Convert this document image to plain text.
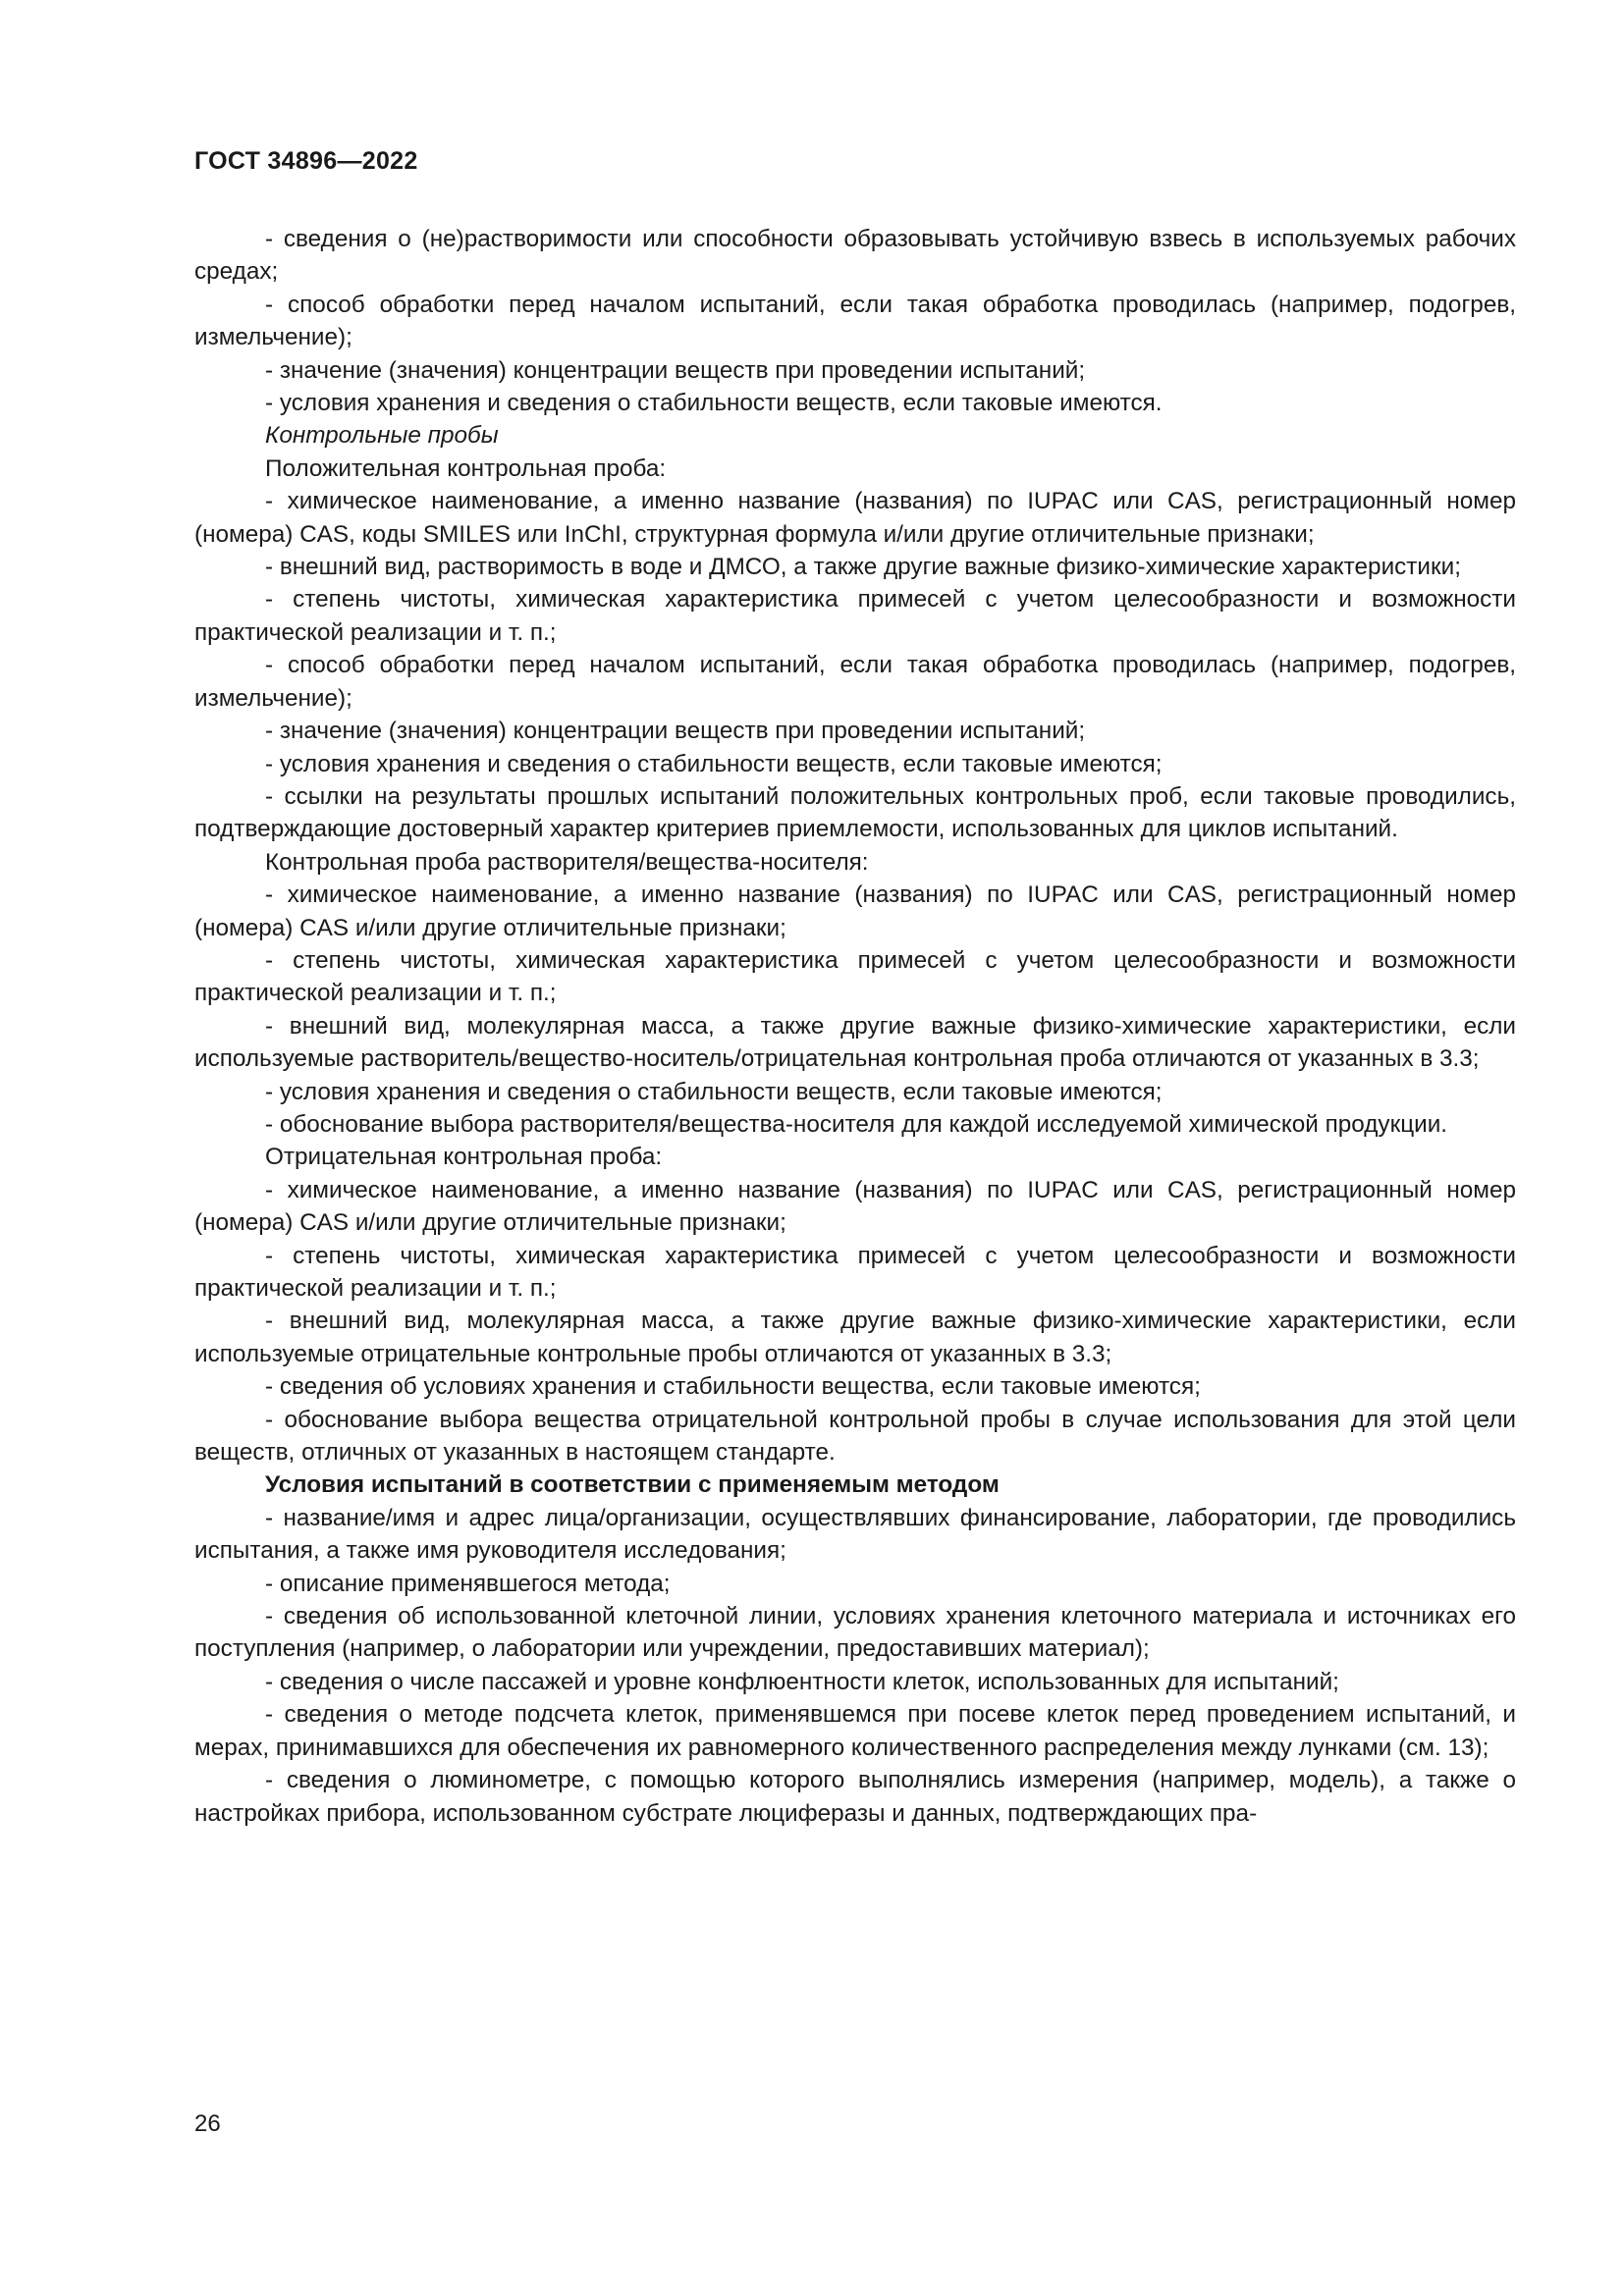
ГОСТ 34896—2022

- сведения о (не)растворимости или способности образовывать устойчивую взвесь в используемых рабочих средах;

- способ обработки перед началом испытаний, если такая обработка проводилась (например, подогрев, измельчение);

- значение (значения) концентрации веществ при проведении испытаний;

- условия хранения и сведения о стабильности веществ, если таковые имеются.

Контрольные пробы

Положительная контрольная проба:

- химическое наименование, а именно название (названия) по IUPAC или CAS, регистрационный номер (номера) CAS, коды SMILES или InChI, структурная формула и/или другие отличительные признаки;

- внешний вид, растворимость в воде и ДМСО, а также другие важные физико-химические характеристики;

- степень чистоты, химическая характеристика примесей с учетом целесообразности и возможности практической реализации и т. п.;

- способ обработки перед началом испытаний, если такая обработка проводилась (например, подогрев, измельчение);

- значение (значения) концентрации веществ при проведении испытаний;

- условия хранения и сведения о стабильности веществ, если таковые имеются;

- ссылки на результаты прошлых испытаний положительных контрольных проб, если таковые проводились, подтверждающие достоверный характер критериев приемлемости, использованных для циклов испытаний.

Контрольная проба растворителя/вещества-носителя:

- химическое наименование, а именно название (названия) по IUPAC или CAS, регистрационный номер (номера) CAS и/или другие отличительные признаки;

- степень чистоты, химическая характеристика примесей с учетом целесообразности и возможности практической реализации и т. п.;

- внешний вид, молекулярная масса, а также другие важные физико-химические характеристики, если используемые растворитель/вещество-носитель/отрицательная контрольная проба отличаются от указанных в 3.3;

- условия хранения и сведения о стабильности веществ, если таковые имеются;

- обоснование выбора растворителя/вещества-носителя для каждой исследуемой химической продукции.

Отрицательная контрольная проба:

- химическое наименование, а именно название (названия) по IUPAC или CAS, регистрационный номер (номера) CAS и/или другие отличительные признаки;

- степень чистоты, химическая характеристика примесей с учетом целесообразности и возможности практической реализации и т. п.;

- внешний вид, молекулярная масса, а также другие важные физико-химические характеристики, если используемые отрицательные контрольные пробы отличаются от указанных в 3.3;

- сведения об условиях хранения и стабильности вещества, если таковые имеются;

- обоснование выбора вещества отрицательной контрольной пробы в случае использования для этой цели веществ, отличных от указанных в настоящем стандарте.

Условия испытаний в соответствии с применяемым методом

- название/имя и адрес лица/организации, осуществлявших финансирование, лаборатории, где проводились испытания, а также имя руководителя исследования;

- описание применявшегося метода;

- сведения об использованной клеточной линии, условиях хранения клеточного материала и источниках его поступления (например, о лаборатории или учреждении, предоставивших материал);

- сведения о числе пассажей и уровне конфлюентности клеток, использованных для испытаний;

- сведения о методе подсчета клеток, применявшемся при посеве клеток перед проведением испытаний, и мерах, принимавшихся для обеспечения их равномерного количественного распределения между лунками (см. 13);

- сведения о люминометре, с помощью которого выполнялись измерения (например, модель), а также о настройках прибора, использованном субстрате люциферазы и данных, подтверждающих пра-

26
